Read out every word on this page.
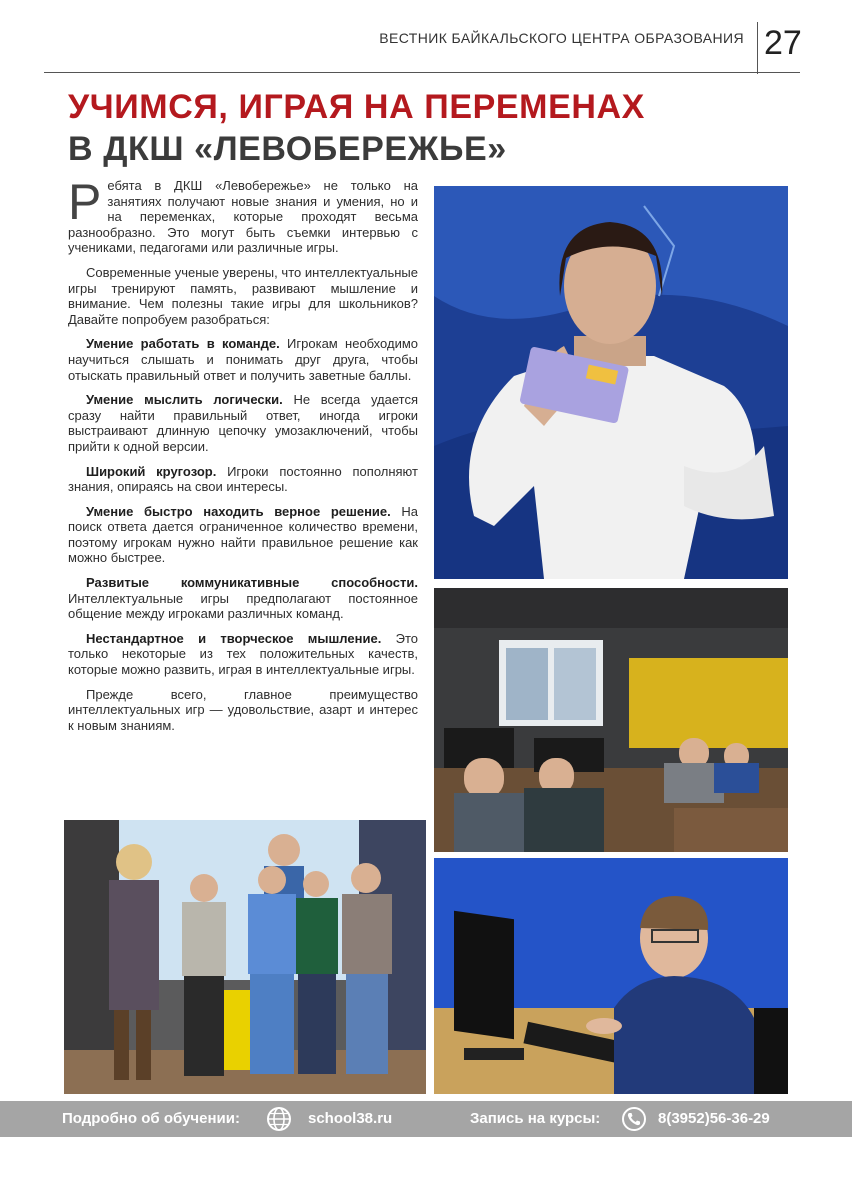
ВЕСТНИК БАЙКАЛЬСКОГО ЦЕНТРА ОБРАЗОВАНИЯ 27
УЧИМСЯ, ИГРАЯ НА ПЕРЕМЕНАХ
В ДКШ «ЛЕВОБЕРЕЖЬЕ»

Ребята в ДКШ «Левобережье» не только на занятиях получают новые знания и умения, но и на переменках, которые проходят весьма разнообразно. Это могут быть съемки интервью с учениками, педагогами или различные игры.

Современные ученые уверены, что интеллектуальные игры тренируют память, развивают мышление и внимание. Чем полезны такие игры для школьников? Давайте попробуем разобраться:

Умение работать в команде. Игрокам необходимо научиться слышать и понимать друг друга, чтобы отыскать правильный ответ и получить заветные баллы.

Умение мыслить логически. Не всегда удается сразу найти правильный ответ, иногда игроки выстраивают длинную цепочку умозаключений, чтобы прийти к одной версии.

Широкий кругозор. Игроки постоянно пополняют знания, опираясь на свои интересы.

Умение быстро находить верное решение. На поиск ответа дается ограниченное количество времени, поэтому игрокам нужно найти правильное решение как можно быстрее.

Развитые коммуникативные способности. Интеллектуальные игры предполагают постоянное общение между игроками различных команд.

Нестандартное и творческое мышление. Это только некоторые из тех положительных качеств, которые можно развить, играя в интеллектуальные игры.

Прежде всего, главное преимущество интеллектуальных игр — удовольствие, азарт и интерес к новым знаниям.

Подробно об обучении:	school38.ru	Запись на курсы:	8(3952)56-36-29
